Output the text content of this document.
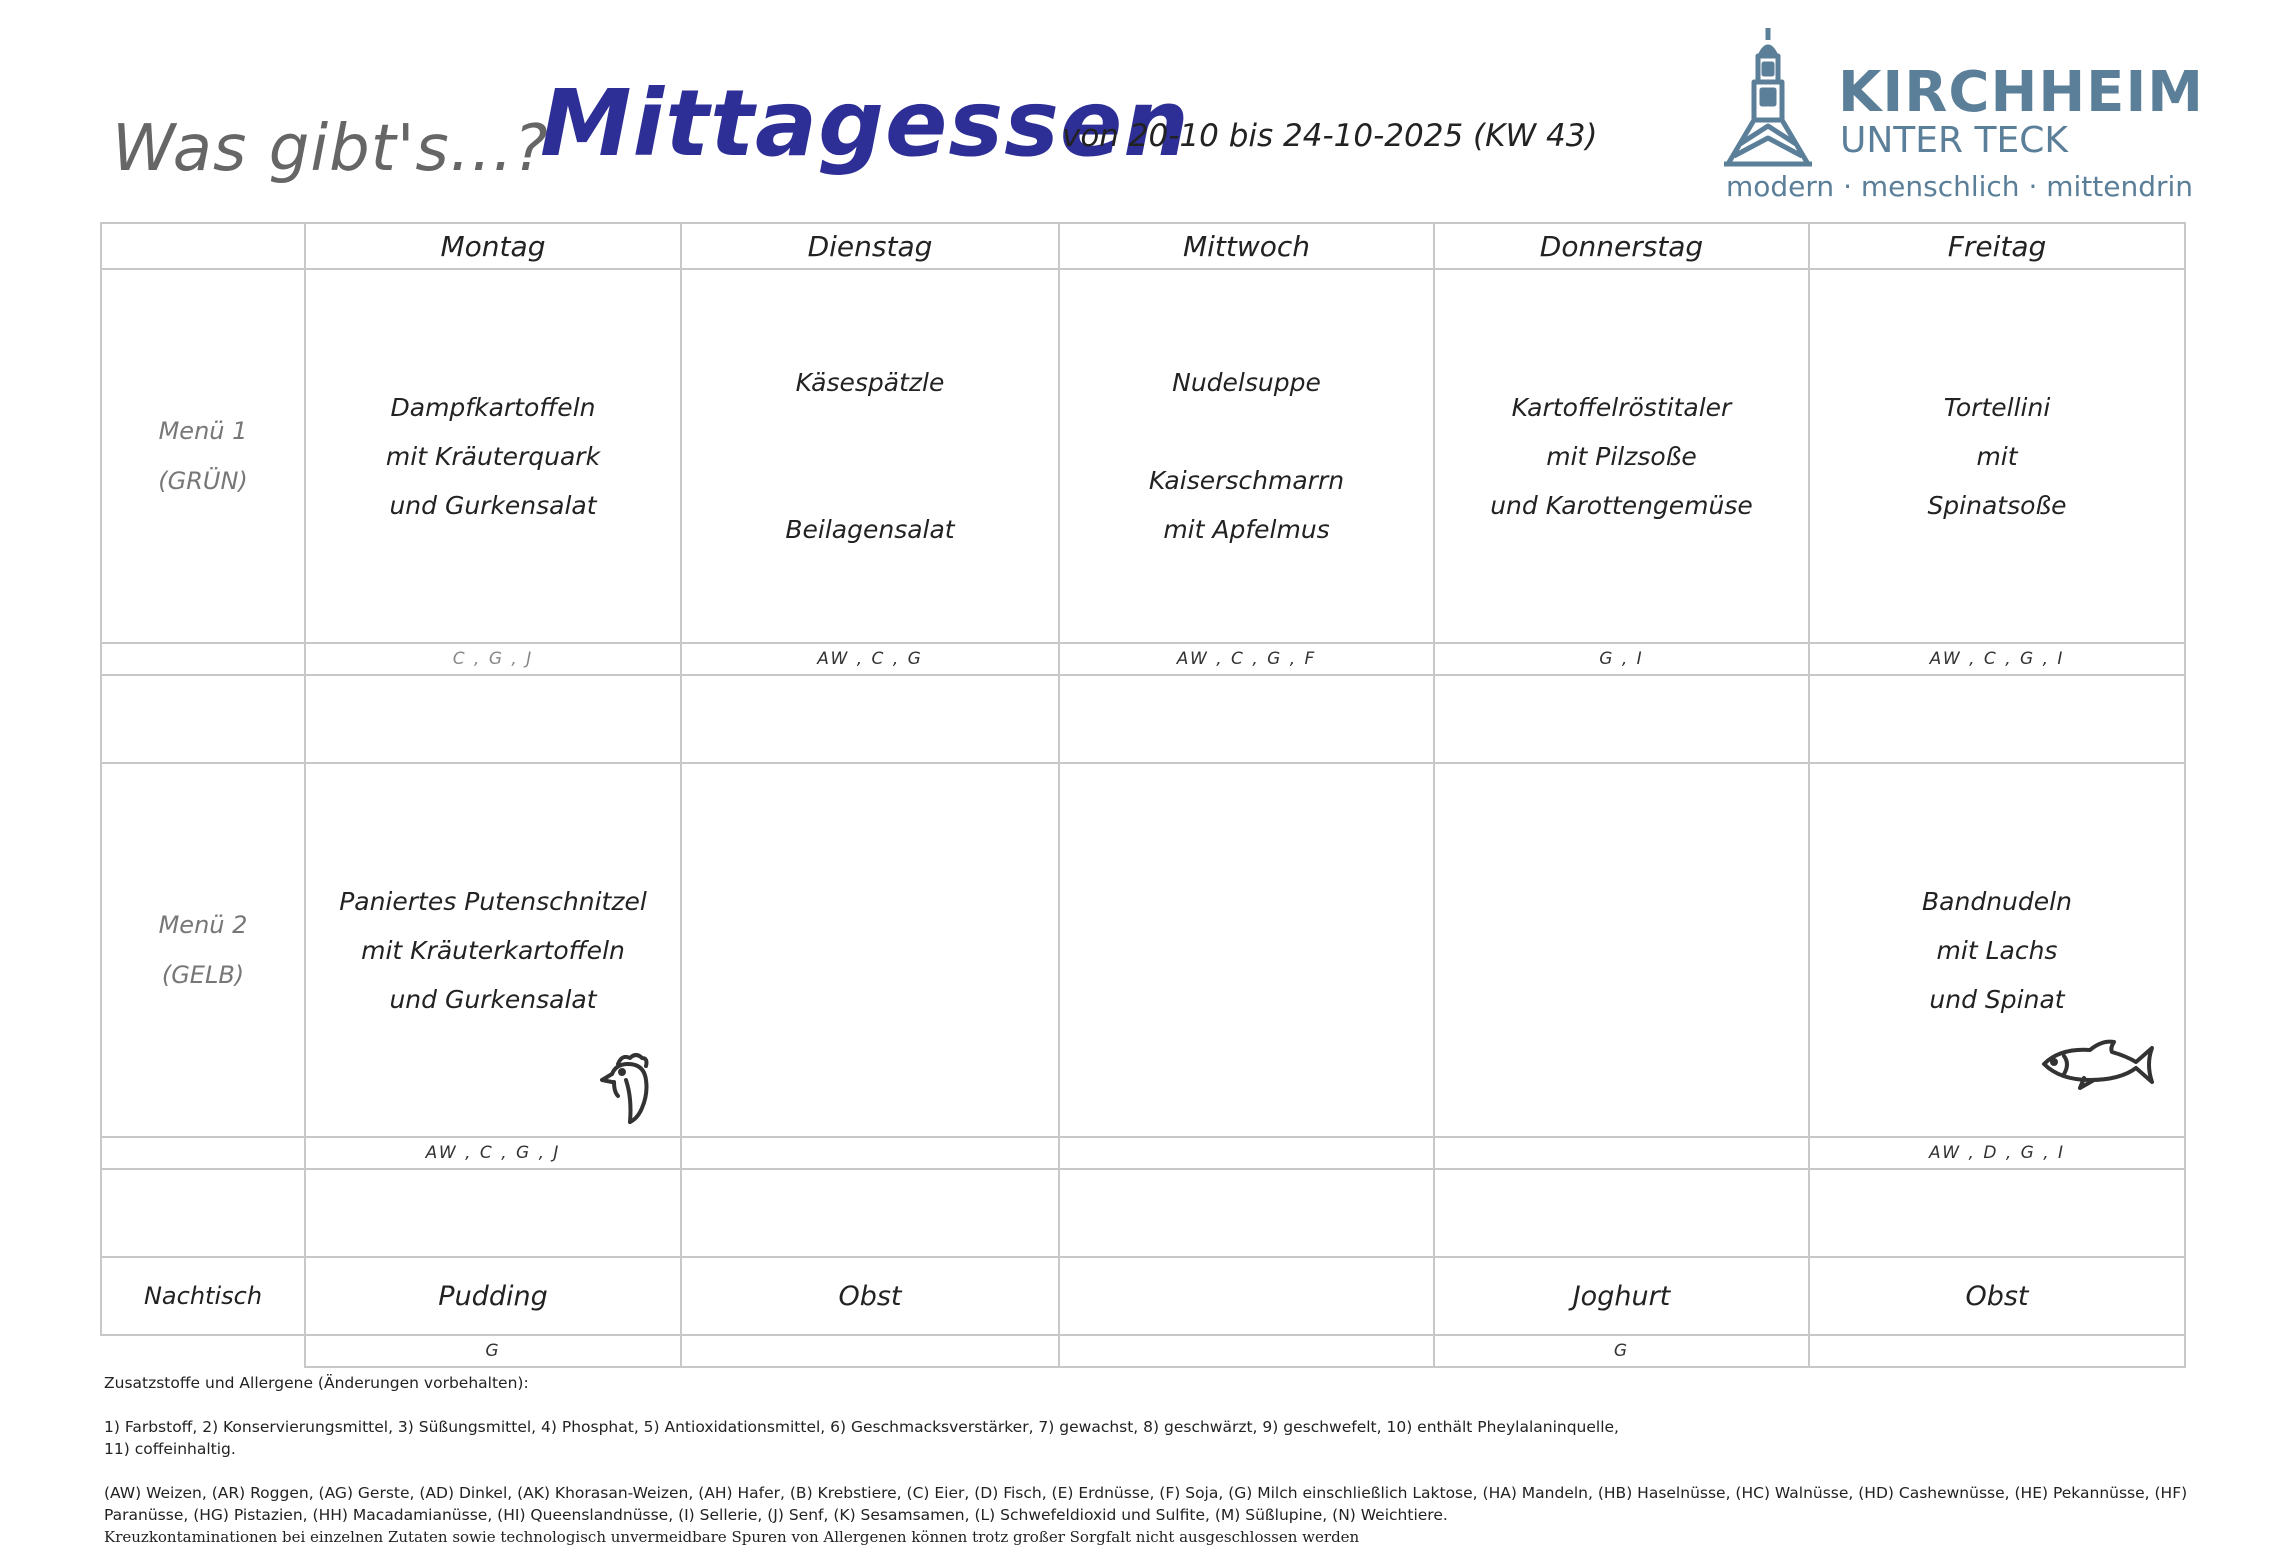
Was gibt's...?
Mittagessen
von 20-10 bis 24-10-2025 (KW 43)
KIRCHHEIM
UNTER TECK
modern · menschlich · mittendrin
	Montag	Dienstag	Mittwoch	Donnerstag	Freitag

Menü 1
(GRÜN)	Dampfkartoffeln
mit Kräuterquark
und Gurkensalat	Käsespätzle
Beilagensalat	Nudelsuppe
Kaiserschmarrn
mit Apfelmus	Kartoffelröstitaler
mit Pilzsoße
und Karottengemüse	Tortellini
mit
Spinatsoße

	C , G , J	AW , C , G	AW , C , G , F	G , I	AW , C , G , I

Menü 2
(GELB)	Paniertes Putenschnitzel
mit Kräuterkartoffeln
und Gurkensalat				Bandnudeln
mit Lachs
und Spinat

	AW , C , G , J				AW , D , G , I

Nachtisch	Pudding	Obst		Joghurt	Obst
	G			G	

Zusatzstoffe und Allergene (Änderungen vorbehalten):

1) Farbstoff, 2) Konservierungsmittel, 3) Süßungsmittel, 4) Phosphat, 5) Antioxidationsmittel, 6) Geschmacksverstärker, 7) gewachst, 8) geschwärzt, 9) geschwefelt, 10) enthält Pheylalaninquelle,

11) coffeinhaltig.

(AW) Weizen, (AR) Roggen, (AG) Gerste, (AD) Dinkel, (AK) Khorasan-Weizen, (AH) Hafer, (B) Krebstiere, (C) Eier, (D) Fisch, (E) Erdnüsse, (F) Soja, (G) Milch einschließlich Laktose, (HA) Mandeln, (HB) Haselnüsse, (HC) Walnüsse, (HD) Cashewnüsse, (HE) Pekannüsse, (HF)

Paranüsse, (HG) Pistazien, (HH) Macadamianüsse, (HI) Queenslandnüsse, (I) Sellerie, (J) Senf, (K) Sesamsamen, (L) Schwefeldioxid und Sulfite, (M) Süßlupine, (N) Weichtiere.

Kreuzkontaminationen bei einzelnen Zutaten sowie technologisch unvermeidbare Spuren von Allergenen können trotz großer Sorgfalt nicht ausgeschlossen werden
